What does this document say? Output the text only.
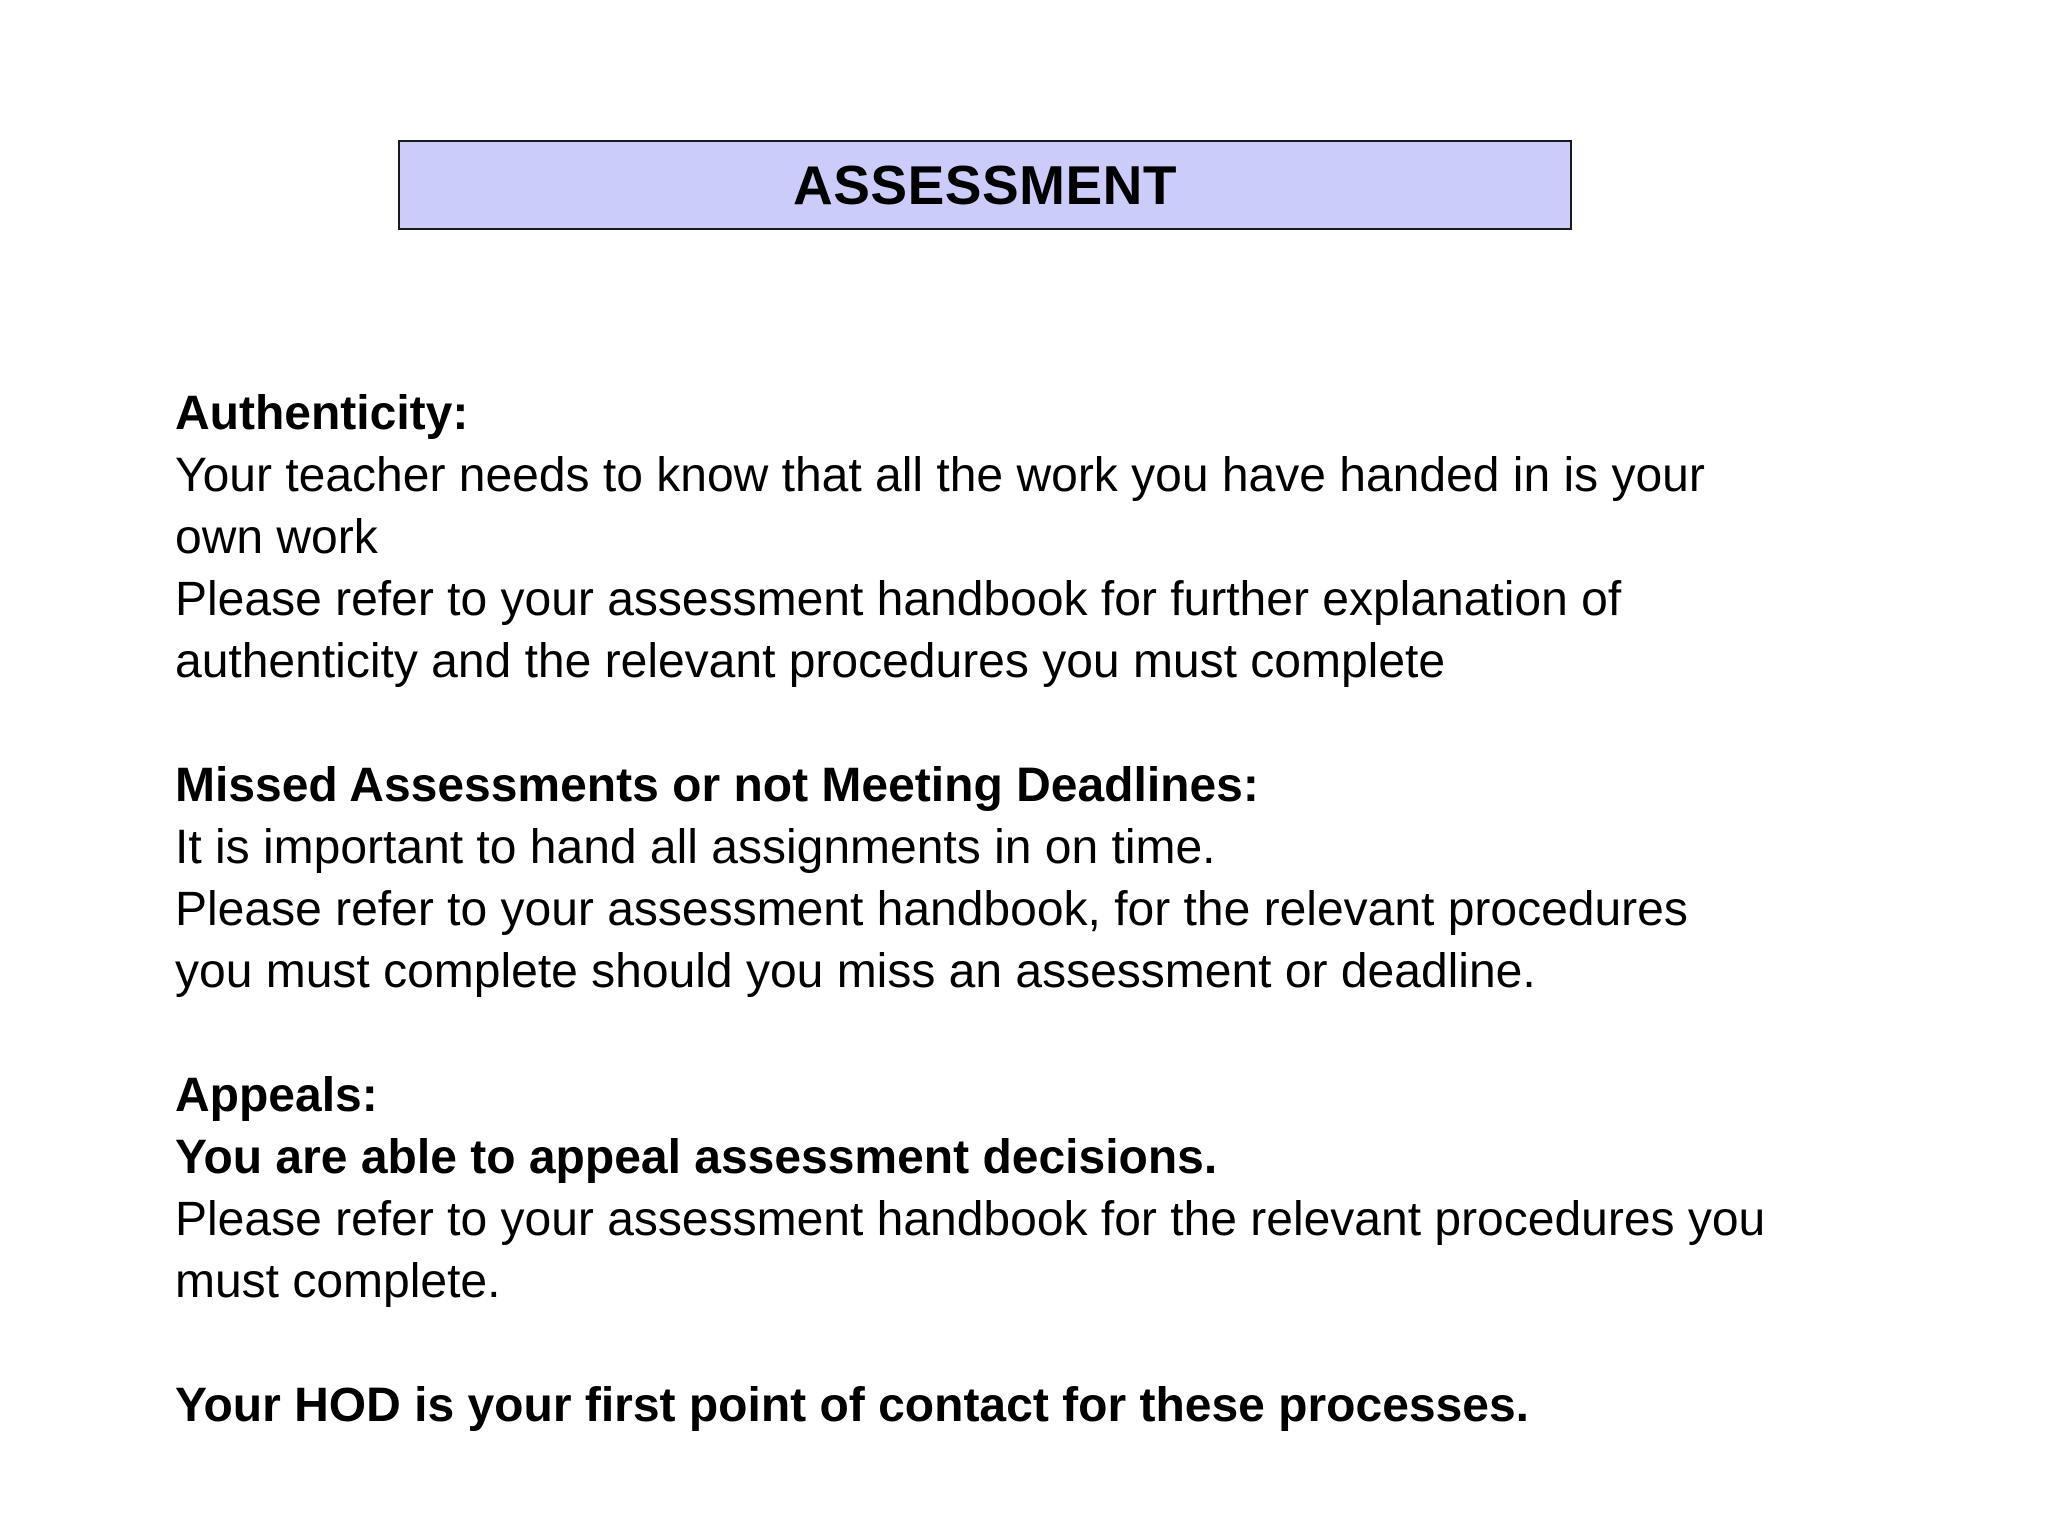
ASSESSMENT

Authenticity:

Your teacher needs to know that all the work you have handed in is your

own work

Please refer to your assessment handbook for further explanation of

authenticity and the relevant procedures you must complete

Missed Assessments or not Meeting Deadlines:

It is important to hand all assignments in on time.

Please refer to your assessment handbook, for the relevant procedures

you must complete should you miss an assessment or deadline.

Appeals:

You are able to appeal assessment decisions.

Please refer to your assessment handbook for the relevant procedures you

must complete.

Your HOD is your first point of contact for these processes.
